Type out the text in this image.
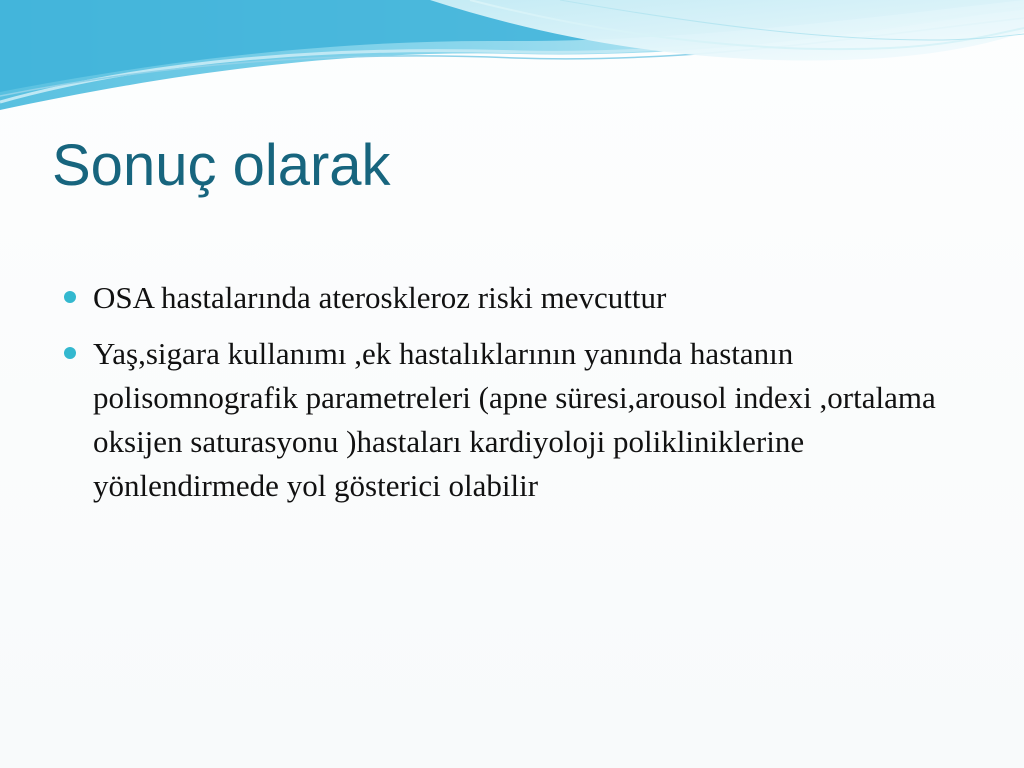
Sonuç olarak
OSA hastalarında ateroskleroz riski mevcuttur
Yaş,sigara kullanımı ,ek hastalıklarının yanında hastanın polisomnografik parametreleri (apne süresi,arousol indexi ,ortalama oksijen saturasyonu )hastaları kardiyoloji polikliniklerine yönlendirmede yol gösterici olabilir
